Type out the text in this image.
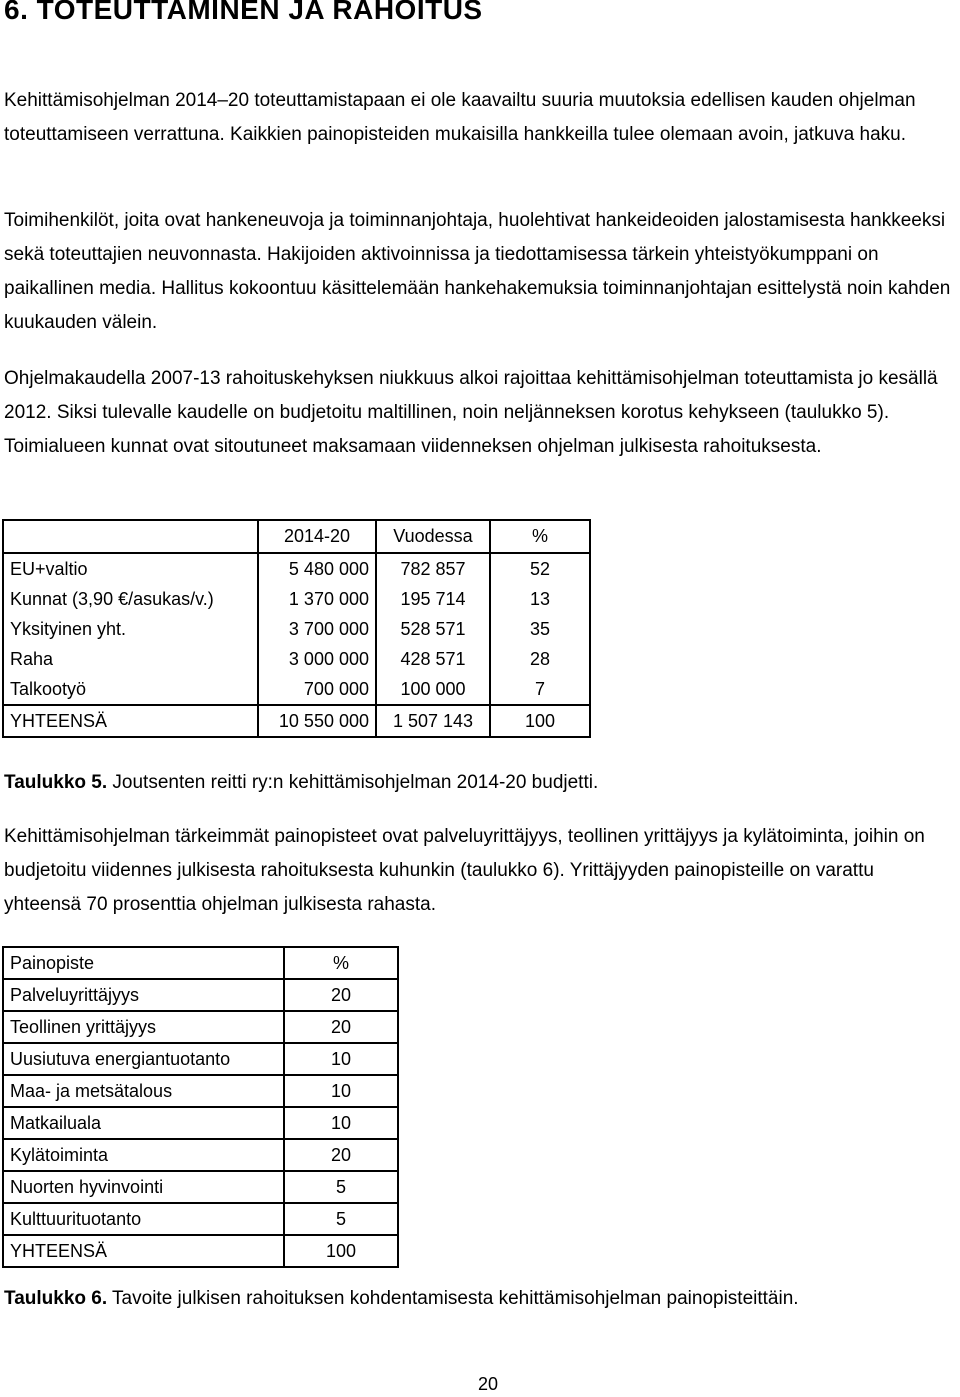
6. TOTEUTTAMINEN JA RAHOITUS

Kehittämisohjelman 2014–20 toteuttamistapaan ei ole kaavailtu suuria muutoksia edellisen kauden ohjelman toteuttamiseen verrattuna. Kaikkien painopisteiden mukaisilla hankkeilla tulee olemaan avoin, jatkuva haku.

Toimihenkilöt, joita ovat hankeneuvoja ja toiminnanjohtaja, huolehtivat hankeideoiden jalostamisesta hankkeeksi sekä toteuttajien neuvonnasta. Hakijoiden aktivoinnissa ja tiedottamisessa tärkein yhteistyökumppani on paikallinen media. Hallitus kokoontuu käsittelemään hankehakemuksia toiminnanjohtajan esittelystä noin kahden kuukauden välein.

Ohjelmakaudella 2007-13 rahoituskehyksen niukkuus alkoi rajoittaa kehittämisohjelman toteuttamista jo kesällä 2012. Siksi tulevalle kaudelle on budjetoitu maltillinen, noin neljänneksen korotus kehykseen (taulukko 5). Toimialueen kunnat ovat sitoutuneet maksamaan viidenneksen ohjelman julkisesta rahoituksesta.

	2014-20	Vuodessa	%
EU+valtio	5 480 000	782 857	52
Kunnat (3,90 €/asukas/v.)	1 370 000	195 714	13
Yksityinen yht.	3 700 000	528 571	35
Raha	3 000 000	428 571	28
Talkootyö	700 000	100 000	7
YHTEENSÄ	10 550 000	1 507 143	100

Taulukko 5. Joutsenten reitti ry:n kehittämisohjelman 2014-20 budjetti.

Kehittämisohjelman tärkeimmät painopisteet ovat palveluyrittäjyys, teollinen yrittäjyys ja kylätoiminta, joihin on budjetoitu viidennes julkisesta rahoituksesta kuhunkin (taulukko 6). Yrittäjyyden painopisteille on varattu yhteensä 70 prosenttia ohjelman julkisesta rahasta.

Painopiste	%
Palveluyrittäjyys	20
Teollinen yrittäjyys	20
Uusiutuva energiantuotanto	10
Maa- ja metsätalous	10
Matkailuala	10
Kylätoiminta	20
Nuorten hyvinvointi	5
Kulttuurituotanto	5
YHTEENSÄ	100

Taulukko 6. Tavoite julkisen rahoituksen kohdentamisesta kehittämisohjelman painopisteittäin.

20
